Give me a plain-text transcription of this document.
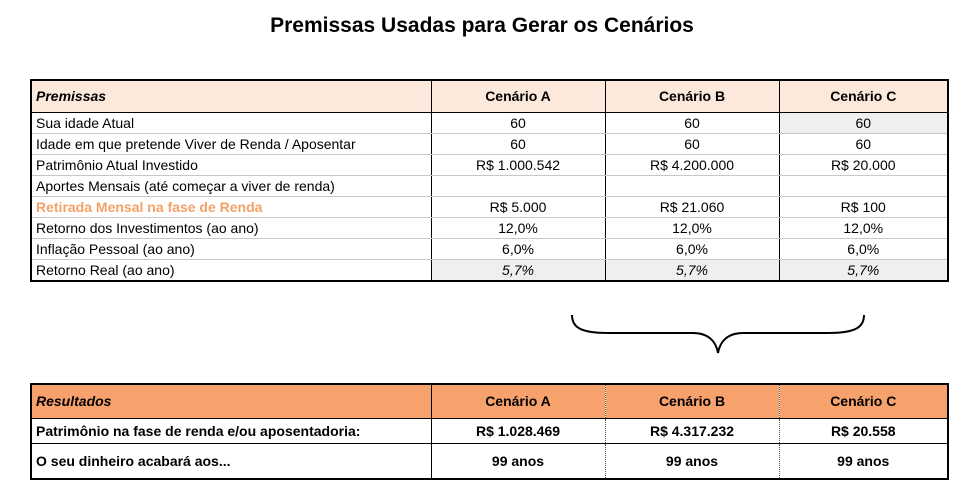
Premissas Usadas para Gerar os Cenários
Premissas	Cenário A	Cenário B	Cenário C
Sua idade Atual	60	60	60
Idade em que pretende Viver de Renda / Aposentar	60	60	60
Patrimônio Atual Investido	R$ 1.000.542	R$ 4.200.000	R$ 20.000
Aportes Mensais (até começar a viver de renda)			
Retirada Mensal na fase de Renda	R$ 5.000	R$ 21.060	R$ 100
Retorno dos Investimentos (ao ano)	12,0%	12,0%	12,0%
Inflação Pessoal (ao ano)	6,0%	6,0%	6,0%
Retorno Real (ao ano)	5,7%	5,7%	5,7%
Resultados	Cenário A	Cenário B	Cenário C
Patrimônio na fase de renda e/ou aposentadoria:	R$ 1.028.469	R$ 4.317.232	R$ 20.558
O seu dinheiro acabará aos...	99 anos	99 anos	99 anos
